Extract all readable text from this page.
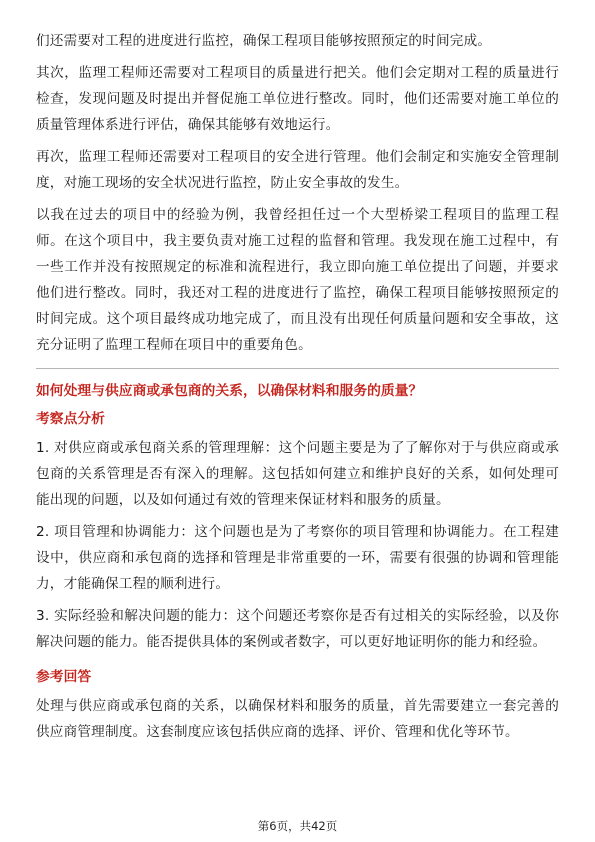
们还需要对工程的进度进行监控，确保工程项目能够按照预定的时间完成。

其次，监理工程师还需要对工程项目的质量进行把关。他们会定期对工程的质量进行检查，发现问题及时提出并督促施工单位进行整改。同时，他们还需要对施工单位的质量管理体系进行评估，确保其能够有效地运行。

再次，监理工程师还需要对工程项目的安全进行管理。他们会制定和实施安全管理制度，对施工现场的安全状况进行监控，防止安全事故的发生。

以我在过去的项目中的经验为例，我曾经担任过一个大型桥梁工程项目的监理工程师。在这个项目中，我主要负责对施工过程的监督和管理。我发现在施工过程中，有一些工作并没有按照规定的标准和流程进行，我立即向施工单位提出了问题，并要求他们进行整改。同时，我还对工程的进度进行了监控，确保工程项目能够按照预定的时间完成。这个项目最终成功地完成了，而且没有出现任何质量问题和安全事故，这充分证明了监理工程师在项目中的重要角色。

如何处理与供应商或承包商的关系，以确保材料和服务的质量？
考察点分析

1. 对供应商或承包商关系的管理理解：这个问题主要是为了了解你对于与供应商或承包商的关系管理是否有深入的理解。这包括如何建立和维护良好的关系，如何处理可能出现的问题，以及如何通过有效的管理来保证材料和服务的质量。

2. 项目管理和协调能力：这个问题也是为了考察你的项目管理和协调能力。在工程建设中，供应商和承包商的选择和管理是非常重要的一环，需要有很强的协调和管理能力，才能确保工程的顺利进行。

3. 实际经验和解决问题的能力：这个问题还考察你是否有过相关的实际经验，以及你解决问题的能力。能否提供具体的案例或者数字，可以更好地证明你的能力和经验。

参考回答

处理与供应商或承包商的关系，以确保材料和服务的质量，首先需要建立一套完善的供应商管理制度。这套制度应该包括供应商的选择、评价、管理和优化等环节。

第6页，共42页
